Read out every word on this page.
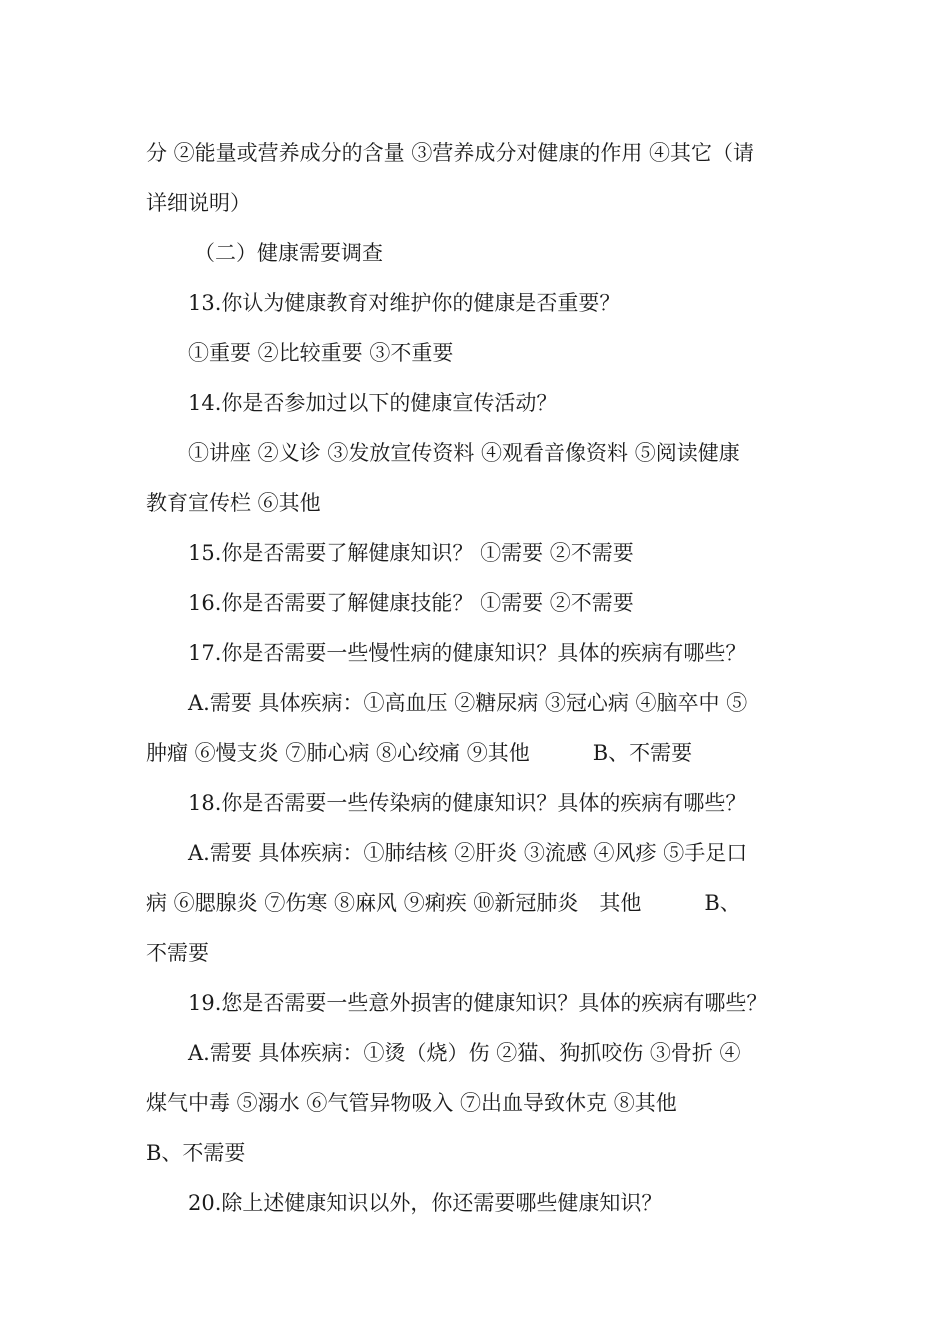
分 ②能量或营养成分的含量 ③营养成分对健康的作用 ④其它（请
详细说明）
（二）健康需要调查
13.你认为健康教育对维护你的健康是否重要？
①重要 ②比较重要 ③不重要
14.你是否参加过以下的健康宣传活动？
①讲座 ②义诊 ③发放宣传资料 ④观看音像资料 ⑤阅读健康
教育宣传栏 ⑥其他
15.你是否需要了解健康知识？ ①需要 ②不需要
16.你是否需要了解健康技能？ ①需要 ②不需要
17.你是否需要一些慢性病的健康知识？具体的疾病有哪些？
A.需要 具体疾病：①高血压 ②糖尿病 ③冠心病 ④脑卒中 ⑤
肿瘤 ⑥慢支炎 ⑦肺心病 ⑧心绞痛 ⑨其他　　　B、不需要
18.你是否需要一些传染病的健康知识？具体的疾病有哪些？
A.需要 具体疾病：①肺结核 ②肝炎 ③流感 ④风疹 ⑤手足口
病 ⑥腮腺炎 ⑦伤寒 ⑧麻风 ⑨痢疾 ⑩新冠肺炎　其他　　　B、
不需要
19.您是否需要一些意外损害的健康知识？具体的疾病有哪些？
A.需要 具体疾病：①烫（烧）伤 ②猫、狗抓咬伤 ③骨折 ④
煤气中毒 ⑤溺水 ⑥气管异物吸入 ⑦出血导致休克 ⑧其他
B、不需要
20.除上述健康知识以外，你还需要哪些健康知识？
